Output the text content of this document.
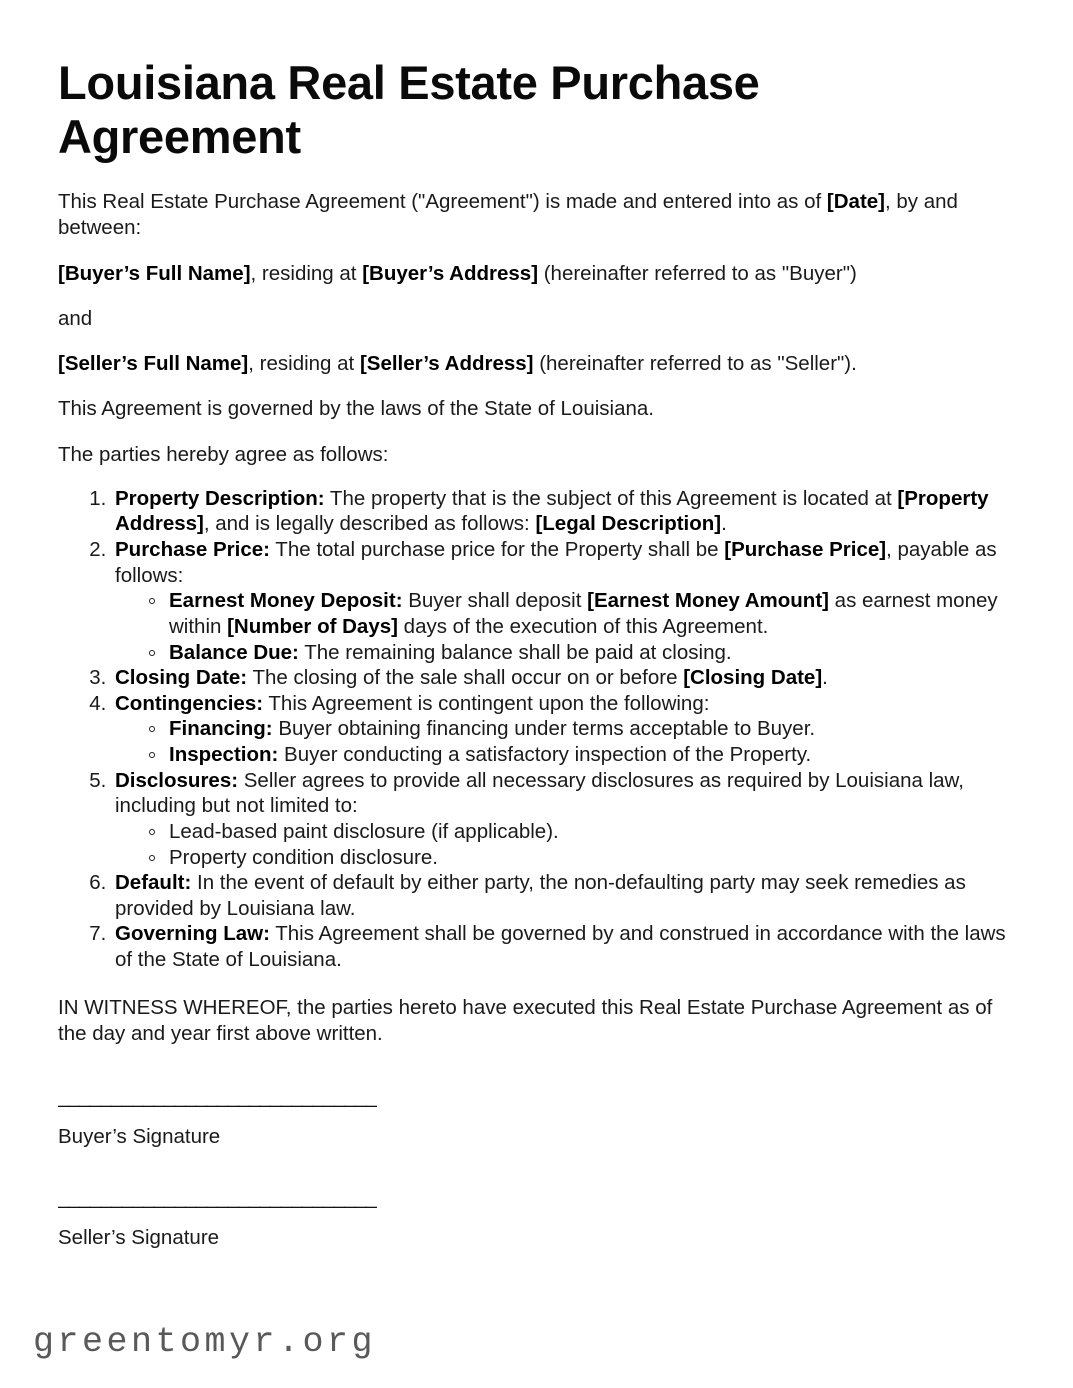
Louisiana Real Estate Purchase Agreement

This Real Estate Purchase Agreement ("Agreement") is made and entered into as of [Date], by and between:

[Buyer’s Full Name], residing at [Buyer’s Address] (hereinafter referred to as "Buyer")

and

[Seller’s Full Name], residing at [Seller’s Address] (hereinafter referred to as "Seller").

This Agreement is governed by the laws of the State of Louisiana.

The parties hereby agree as follows:

1. Property Description: The property that is the subject of this Agreement is located at [Property Address], and is legally described as follows: [Legal Description].
2. Purchase Price: The total purchase price for the Property shall be [Purchase Price], payable as follows:
Earnest Money Deposit: Buyer shall deposit [Earnest Money Amount] as earnest money within [Number of Days] days of the execution of this Agreement.
Balance Due: The remaining balance shall be paid at closing.
3. Closing Date: The closing of the sale shall occur on or before [Closing Date].
4. Contingencies: This Agreement is contingent upon the following:
Financing: Buyer obtaining financing under terms acceptable to Buyer.
Inspection: Buyer conducting a satisfactory inspection of the Property.
5. Disclosures: Seller agrees to provide all necessary disclosures as required by Louisiana law, including but not limited to:
Lead-based paint disclosure (if applicable).
Property condition disclosure.
6. Default: In the event of default by either party, the non-defaulting party may seek remedies as provided by Louisiana law.
7. Governing Law: This Agreement shall be governed by and construed in accordance with the laws of the State of Louisiana.

IN WITNESS WHEREOF, the parties hereto have executed this Real Estate Purchase Agreement as of the day and year first above written.

______________________________
Buyer’s Signature
______________________________
Seller’s Signature
greentomyr.org
